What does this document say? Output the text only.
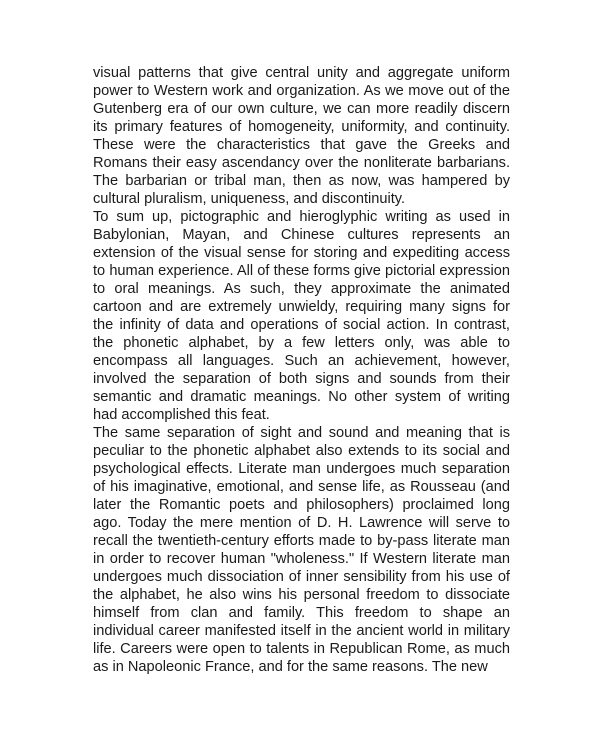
visual patterns that give central unity and aggregate uniform power to Western work and organization. As we move out of the Gutenberg era of our own culture, we can more readily discern its primary features of homogeneity, uniformity, and continuity. These were the characteristics that gave the Greeks and Romans their easy ascendancy over the nonliterate barbarians. The barbarian or tribal man, then as now, was hampered by cultural pluralism, uniqueness, and discontinuity.

To sum up, pictographic and hieroglyphic writing as used in Babylonian, Mayan, and Chinese cultures represents an extension of the visual sense for storing and expediting access to human experience. All of these forms give pictorial expression to oral meanings. As such, they approximate the animated cartoon and are extremely unwieldy, requiring many signs for the infinity of data and operations of social action. In contrast, the phonetic alphabet, by a few letters only, was able to encompass all languages. Such an achievement, however, involved the separation of both signs and sounds from their semantic and dramatic meanings. No other system of writing had accomplished this feat.

The same separation of sight and sound and meaning that is peculiar to the phonetic alphabet also extends to its social and psychological effects. Literate man undergoes much separation of his imaginative, emotional, and sense life, as Rousseau (and later the Romantic poets and philosophers) proclaimed long ago. Today the mere mention of D. H. Lawrence will serve to recall the twentieth-century efforts made to by-pass literate man in order to recover human "wholeness." If Western literate man undergoes much dissociation of inner sensibility from his use of the alphabet, he also wins his personal freedom to dissociate himself from clan and family. This freedom to shape an individual career manifested itself in the ancient world in military life. Careers were open to talents in Republican Rome, as much as in Napoleonic France, and for the same reasons. The new
